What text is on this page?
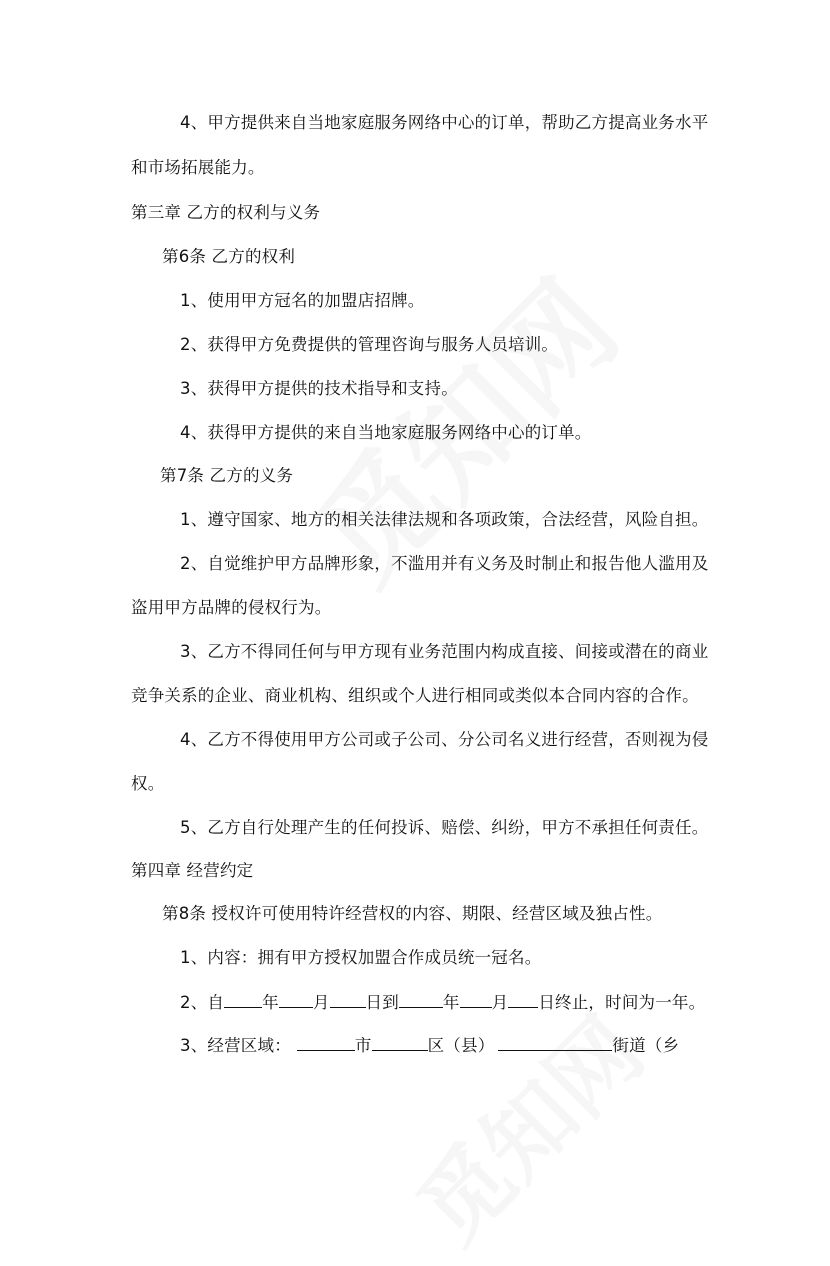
4、甲方提供来自当地家庭服务网络中心的订单，帮助乙方提高业务水平
和市场拓展能力。
第三章 乙方的权利与义务
第6条 乙方的权利
1、使用甲方冠名的加盟店招牌。
2、获得甲方免费提供的管理咨询与服务人员培训。
3、获得甲方提供的技术指导和支持。
4、获得甲方提供的来自当地家庭服务网络中心的订单。
第7条 乙方的义务
1、遵守国家、地方的相关法律法规和各项政策，合法经营，风险自担。
2、自觉维护甲方品牌形象，不滥用并有义务及时制止和报告他人滥用及
盗用甲方品牌的侵权行为。
3、乙方不得同任何与甲方现有业务范围内构成直接、间接或潜在的商业
竞争关系的企业、商业机构、组织或个人进行相同或类似本合同内容的合作。
4、乙方不得使用甲方公司或子公司、分公司名义进行经营，否则视为侵
权。
5、乙方自行处理产生的任何投诉、赔偿、纠纷，甲方不承担任何责任。
第四章 经营约定
第8条 授权许可使用特许经营权的内容、期限、经营区域及独占性。
1、内容：拥有甲方授权加盟合作成员统一冠名。
2、自 年 月 日到	年 月 日终止，时间为一年。
3、经营区域：	市	区（县）	街道（乡
